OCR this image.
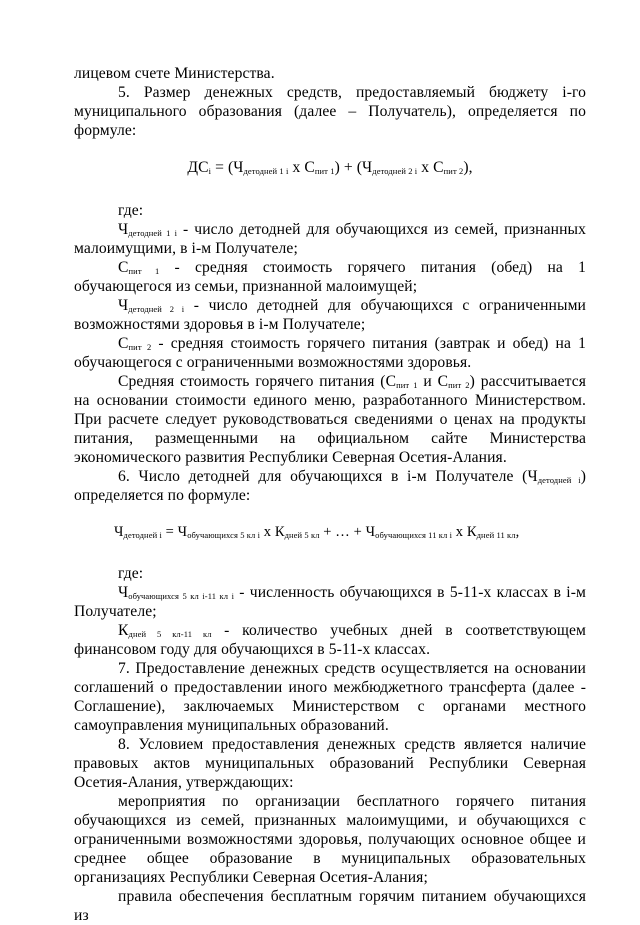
лицевом счете Министерства.

5. Размер денежных средств, предоставляемый бюджету i-го муниципального образования (далее – Получатель), определяется по формуле:

$ДС_i = (Ч_{детодней 1 i}$ х $С_{пит 1}) + (Ч_{детодней 2 i}$ х $С_{пит 2}$),

где:

$Ч_{детодней 1 i}$ - число детодней для обучающихся из семей, признанных малоимущими, в i-м Получателе;

$С_{пит 1}$ - средняя стоимость горячего питания (обед) на 1 обучающегося из семьи, признанной малоимущей;

$Ч_{детодней 2 i}$ - число детодней для обучающихся с ограниченными возможностями здоровья в i-м Получателе;

$С_{пит 2}$ - средняя стоимость горячего питания (завтрак и обед) на 1 обучающегося с ограниченными возможностями здоровья.

Средняя стоимость горячего питания ($С_{пит 1}$ и $С_{пит 2}$) рассчитывается на основании стоимости единого меню, разработанного Министерством. При расчете следует руководствоваться сведениями о ценах на продукты питания, размещенными на официальном сайте Министерства экономического развития Республики Северная Осетия-Алания.

6. Число детодней для обучающихся в i-м Получателе $(Ч_{детодней i})$ определяется по формуле:

$Ч_{детодней i} = Ч_{обучающихся 5 кл i}$ х $К_{дней 5 кл}$ + … + $Ч_{обучающихся 11 кл i}$ х $К_{дней 11 кл}$,

где:

$Ч_{обучающихся 5 кл i-11 кл i}$ - численность обучающихся в 5-11-х классах в i-м Получателе;

$К_{дней 5 кл-11 кл}$ - количество учебных дней в соответствующем финансовом году для обучающихся в 5-11-х классах.

7. Предоставление денежных средств осуществляется на основании соглашений о предоставлении иного межбюджетного трансферта (далее - Соглашение), заключаемых Министерством с органами местного самоуправления муниципальных образований.

8. Условием предоставления денежных средств является наличие правовых актов муниципальных образований Республики Северная Осетия-Алания, утверждающих:

мероприятия по организации бесплатного горячего питания обучающихся из семей, признанных малоимущими, и обучающихся с ограниченными возможностями здоровья, получающих основное общее и среднее общее образование в муниципальных образовательных организациях Республики Северная Осетия-Алания;

правила обеспечения бесплатным горячим питанием обучающихся из
